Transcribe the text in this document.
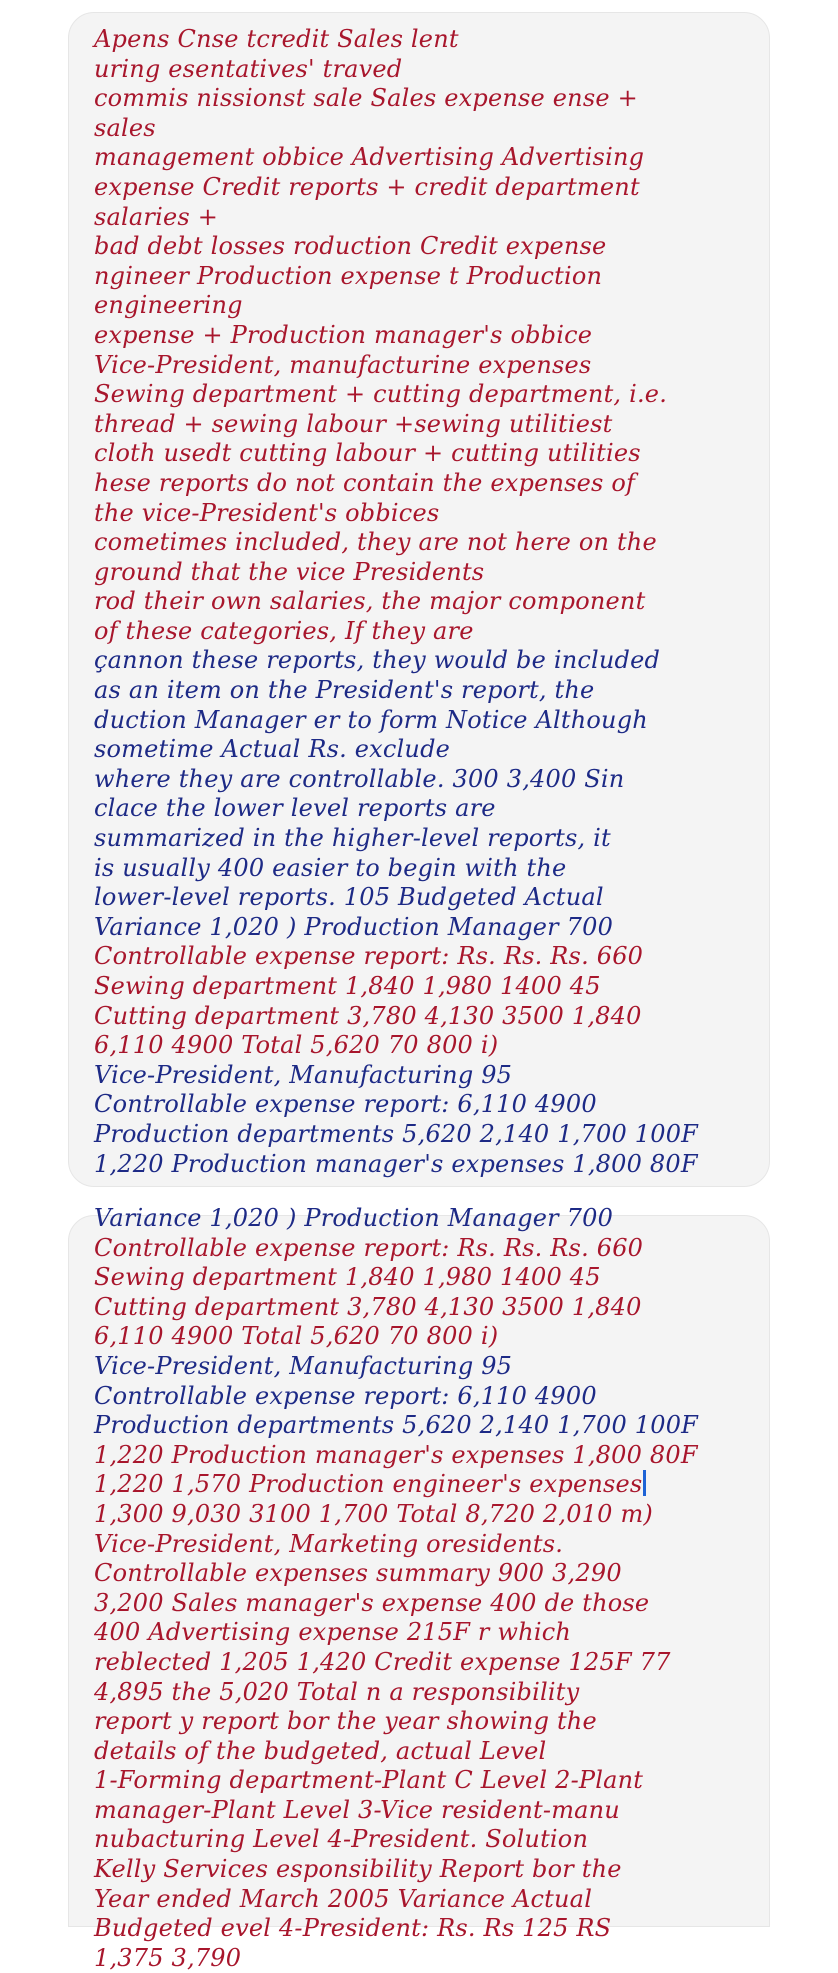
Apens Cnse tcredit Sales lent
uring esentatives' traved
commis nissionst sale Sales expense ense +
sales
management obbice Advertising Advertising
expense Credit reports + credit department
salaries +
bad debt losses roduction Credit expense
ngineer Production expense t Production
engineering
expense + Production manager's obbice
Vice-President, manufacturine expenses
Sewing department + cutting department, i.e.
thread + sewing labour +sewing utilitiest
cloth usedt cutting labour + cutting utilities
hese reports do not contain the expenses of
the vice-President's obbices
cometimes included, they are not here on the
ground that the vice Presidents
rod their own salaries, the major component
of these categories, If they are
çannon these reports, they would be included
as an item on the President's report, the
duction Manager er to form Notice Although
sometime Actual Rs. exclude
where they are controllable. 300 3,400 Sin
clace the lower level reports are
summarized in the higher-level reports, it
is usually 400 easier to begin with the
lower-level reports. 105 Budgeted Actual
Variance 1,020 ) Production Manager 700
Controllable expense report: Rs. Rs. Rs. 660
Sewing department 1,840 1,980 1400 45
Cutting department 3,780 4,130 3500 1,840
6,110 4900 Total 5,620 70 800 i)
Vice-President, Manufacturing 95
Controllable expense report: 6,110 4900
Production departments 5,620 2,140 1,700 100F
1,220 Production manager's expenses 1,800 80F
Variance 1,020 ) Production Manager 700
Controllable expense report: Rs. Rs. Rs. 660
Sewing department 1,840 1,980 1400 45
Cutting department 3,780 4,130 3500 1,840
6,110 4900 Total 5,620 70 800 i)
Vice-President, Manufacturing 95
Controllable expense report: 6,110 4900
Production departments 5,620 2,140 1,700 100F
1,220 Production manager's expenses 1,800 80F
1,220 1,570 Production engineer's expenses
1,300 9,030 3100 1,700 Total 8,720 2,010 m)
Vice-President, Marketing oresidents.
Controllable expenses summary 900 3,290
3,200 Sales manager's expense 400 de those
400 Advertising expense 215F r which
reblected 1,205 1,420 Credit expense 125F 77
4,895 the 5,020 Total n a responsibility
report y report bor the year showing the
details of the budgeted, actual Level
1-Forming department-Plant C Level 2-Plant
manager-Plant Level 3-Vice resident-manu
nubacturing Level 4-President. Solution
Kelly Services esponsibility Report bor the
Year ended March 2005 Variance Actual
Budgeted evel 4-President: Rs. Rs 125 RS
1,375 3,790
